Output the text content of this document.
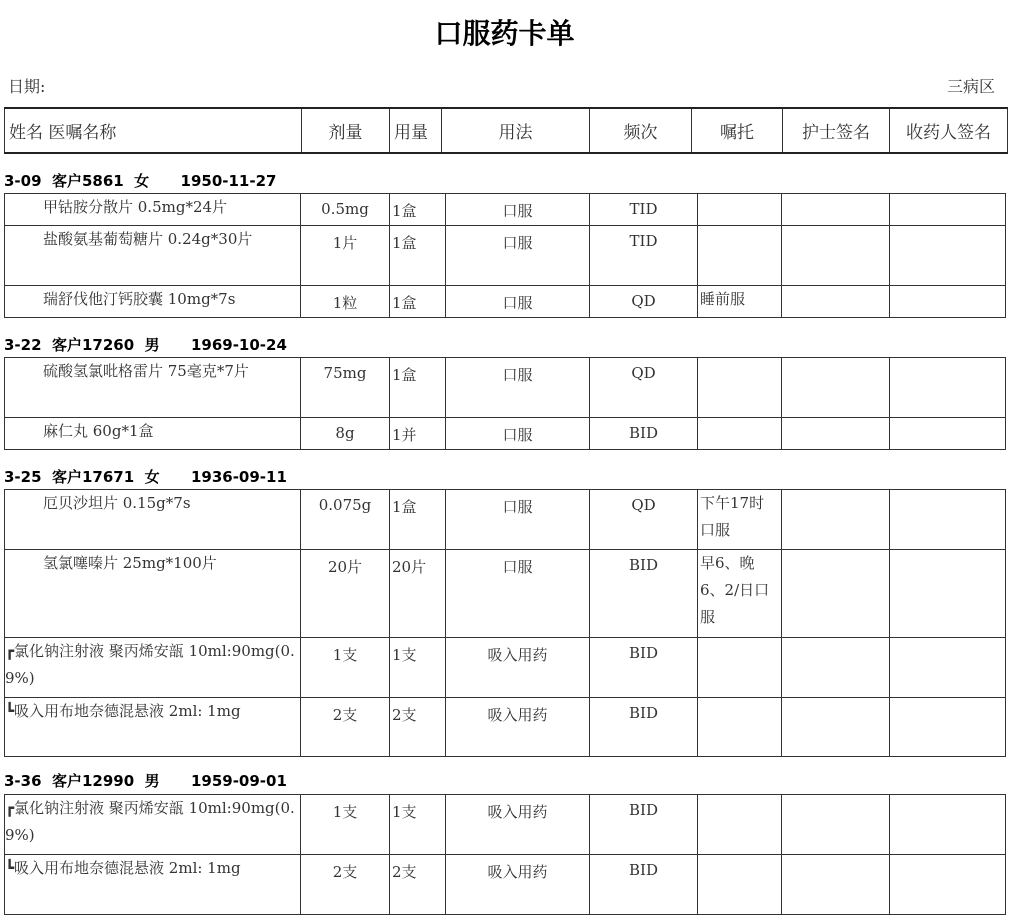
口服药卡单
日期:	三病区
姓名 医嘱名称	剂量	用量	用法	频次	嘱托	护士签名	收药人签名
3-09  客户5861  女      1950-11-27
甲钴胺分散片 0.5mg*24片	0.5mg	1盒	口服	TID			
盐酸氨基葡萄糖片 0.24g*30片	1片	1盒	口服	TID			
瑞舒伐他汀钙胶囊 10mg*7s	1粒	1盒	口服	QD	睡前服		
3-22  客户17260  男      1969-10-24
硫酸氢氯吡格雷片 75毫克*7片	75mg	1盒	口服	QD			
麻仁丸 60g*1盒	8g	1并	口服	BID			
3-25  客户17671  女      1936-09-11
厄贝沙坦片 0.15g*7s	0.075g	1盒	口服	QD	下午17时口服		
氢氯噻嗪片 25mg*100片	20片	20片	口服	BID	早6、晚6、2/日口服		
┏氯化钠注射液 聚丙烯安瓿 10ml:90mg(0.9%)	1支	1支	吸入用药	BID			
┗吸入用布地奈德混悬液 2ml: 1mg	2支	2支	吸入用药	BID			
3-36  客户12990  男      1959-09-01
┏氯化钠注射液 聚丙烯安瓿 10ml:90mg(0.9%)	1支	1支	吸入用药	BID			
┗吸入用布地奈德混悬液 2ml: 1mg	2支	2支	吸入用药	BID			
